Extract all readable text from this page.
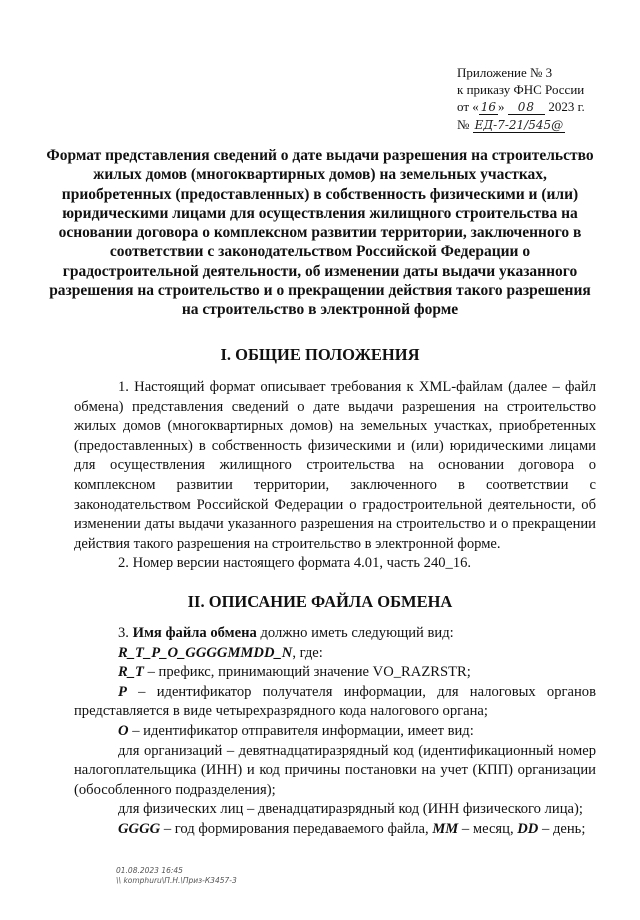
Приложение № 3
к приказу ФНС России
от « 16 » 08 2023 г.
№ ЕД-7-21/545@
Формат представления сведений о дате выдачи разрешения на строительство жилых домов (многоквартирных домов) на земельных участках, приобретенных (предоставленных) в собственность физическими и (или) юридическими лицами для осуществления жилищного строительства на основании договора о комплексном развитии территории, заключенного в соответствии с законодательством Российской Федерации о градостроительной деятельности, об изменении даты выдачи указанного разрешения на строительство и о прекращении действия такого разрешения на строительство в электронной форме
I. ОБЩИЕ ПОЛОЖЕНИЯ

1. Настоящий формат описывает требования к XML-файлам (далее – файл обмена) представления сведений о дате выдачи разрешения на строительство жилых домов (многоквартирных домов) на земельных участках, приобретенных (предоставленных) в собственность физическими и (или) юридическими лицами для осуществления жилищного строительства на основании договора о комплексном развитии территории, заключенного в соответствии с законодательством Российской Федерации о градостроительной деятельности, об изменении даты выдачи указанного разрешения на строительство и о прекращении действия такого разрешения на строительство в электронной форме.

2. Номер версии настоящего формата 4.01, часть 240_16.

II. ОПИСАНИЕ ФАЙЛА ОБМЕНА

3. Имя файла обмена должно иметь следующий вид:

R_T_P_O_GGGGMMDD_N, где:

R_T – префикс, принимающий значение VO_RAZRSTR;

P – идентификатор получателя информации, для налоговых органов представляется в виде четырехразрядного кода налогового органа;

O – идентификатор отправителя информации, имеет вид:

для организаций – девятнадцатиразрядный код (идентификационный номер налогоплательщика (ИНН) и код причины постановки на учет (КПП) организации (обособленного подразделения);

для физических лиц – двенадцатиразрядный код (ИНН физического лица);

GGGG – год формирования передаваемого файла, MM – месяц, DD – день;

01.08.2023 16:45
\\ komphuru\П.Н.\Приз-К3457-3
